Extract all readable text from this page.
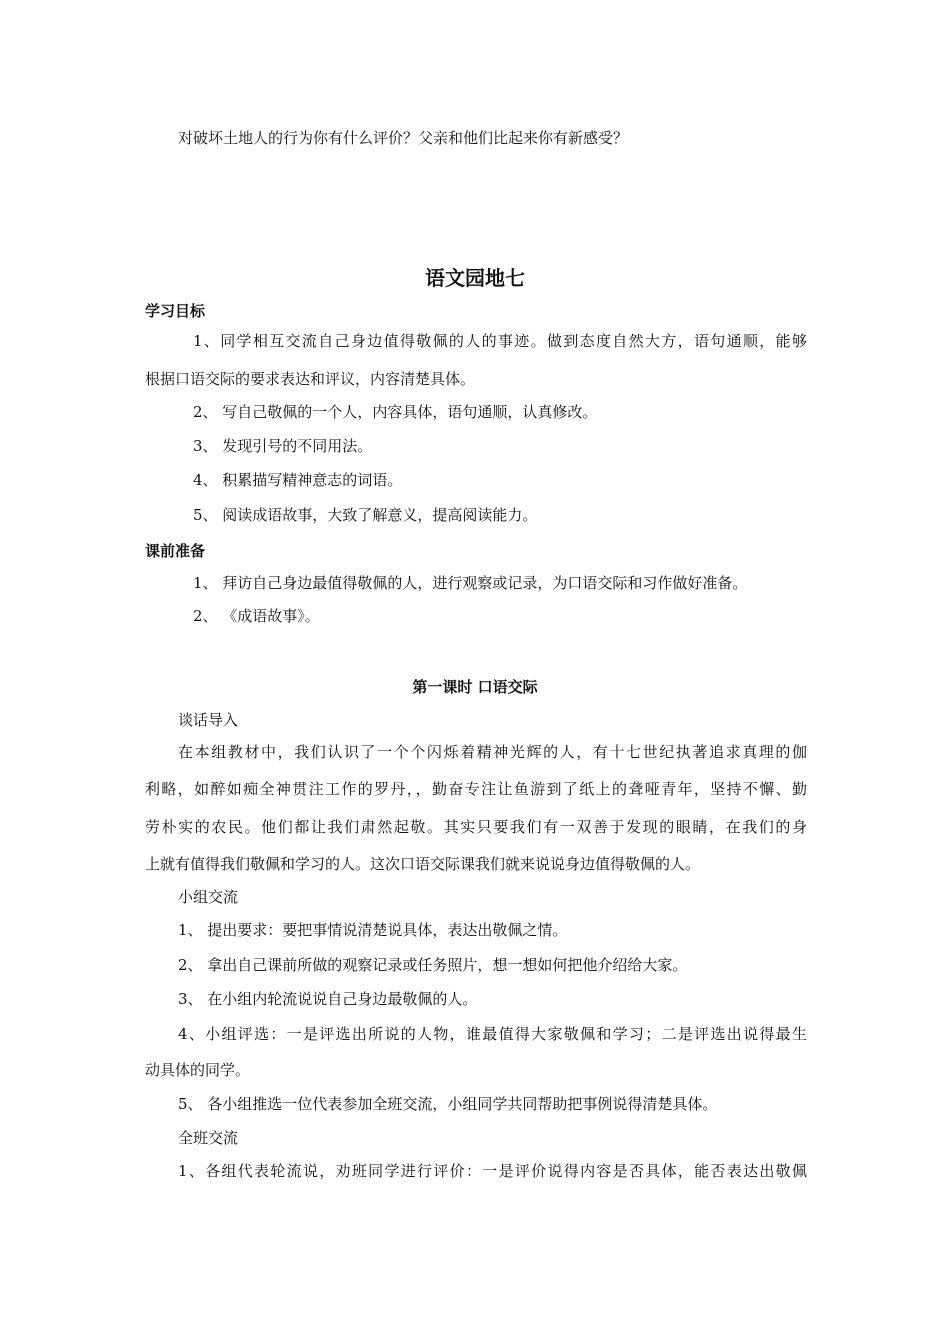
对破坏土地人的行为你有什么评价？父亲和他们比起来你有新感受？
语文园地七
学习目标
1、同学相互交流自己身边值得敬佩的人的事迹。做到态度自然大方，语句通顺，能够
根据口语交际的要求表达和评议，内容清楚具体。
2、 写自己敬佩的一个人，内容具体，语句通顺，认真修改。
3、 发现引号的不同用法。
4、 积累描写精神意志的词语。
5、 阅读成语故事，大致了解意义，提高阅读能力。
课前准备
1、 拜访自己身边最值得敬佩的人，进行观察或记录，为口语交际和习作做好准备。
2、 《成语故事》。
第一课时 口语交际
谈话导入
在本组教材中，我们认识了一个个闪烁着精神光辉的人，有十七世纪执著追求真理的伽
利略，如醉如痴全神贯注工作的罗丹，，勤奋专注让鱼游到了纸上的聋哑青年，坚持不懈、勤
劳朴实的农民。他们都让我们肃然起敬。其实只要我们有一双善于发现的眼睛，在我们的身
上就有值得我们敬佩和学习的人。这次口语交际课我们就来说说身边值得敬佩的人。
小组交流
1、 提出要求：要把事情说清楚说具体，表达出敬佩之情。
2、 拿出自己课前所做的观察记录或任务照片，想一想如何把他介绍给大家。
3、 在小组内轮流说说自己身边最敬佩的人。
4、小组评选：一是评选出所说的人物，谁最值得大家敬佩和学习；二是评选出说得最生
动具体的同学。
5、 各小组推选一位代表参加全班交流，小组同学共同帮助把事例说得清楚具体。
全班交流
1、各组代表轮流说，劝班同学进行评价：一是评价说得内容是否具体，能否表达出敬佩
